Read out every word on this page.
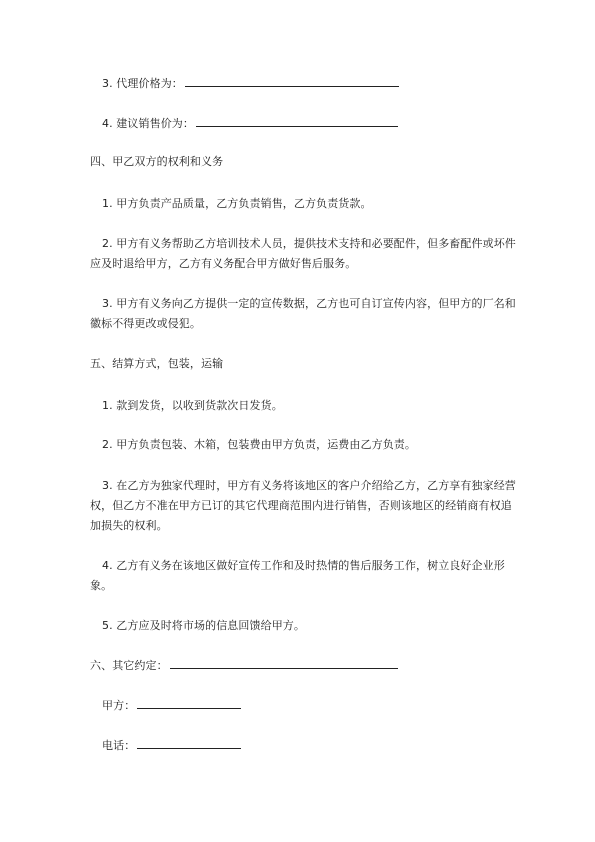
3. 代理价格为：

4. 建议销售价为：

四、甲乙双方的权利和义务

1. 甲方负责产品质量，乙方负责销售，乙方负责货款。

2. 甲方有义务帮助乙方培训技术人员，提供技术支持和必要配件，但多畜配件或坏件应及时退给甲方，乙方有义务配合甲方做好售后服务。

3. 甲方有义务向乙方提供一定的宣传数据，乙方也可自订宣传内容，但甲方的厂名和徽标不得更改或侵犯。

五、结算方式，包装，运输

1. 款到发货，以收到货款次日发货。

2. 甲方负责包装、木箱，包装费由甲方负责，运费由乙方负责。

3. 在乙方为独家代理时，甲方有义务将该地区的客户介绍给乙方，乙方享有独家经营权，但乙方不准在甲方已订的其它代理商范围内进行销售，否则该地区的经销商有权追加损失的权利。

4. 乙方有义务在该地区做好宣传工作和及时热情的售后服务工作，树立良好企业形象。

5. 乙方应及时将市场的信息回馈给甲方。

六、其它约定：

甲方：

电话：
